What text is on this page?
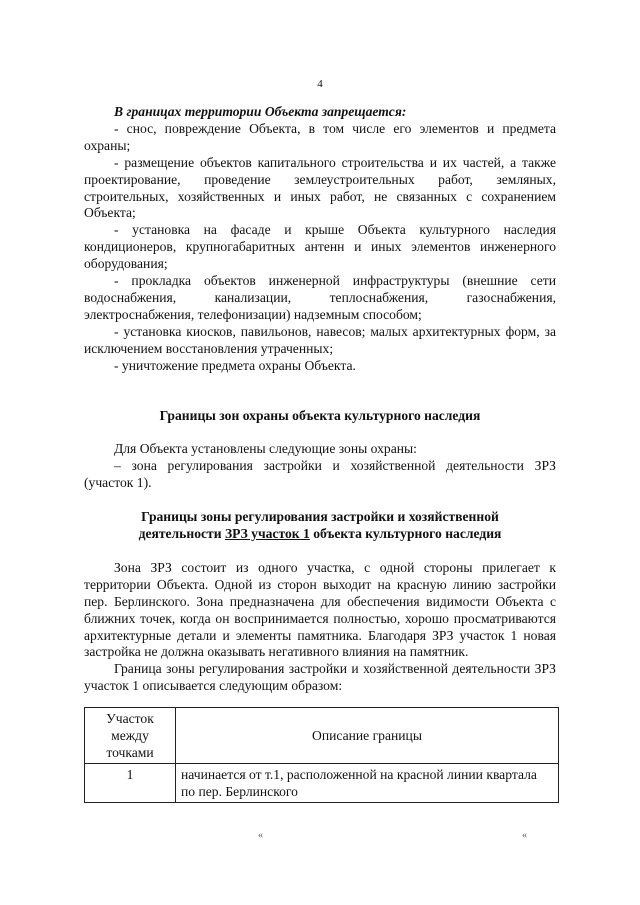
4

В границах территории Объекта запрещается:

- снос, повреждение Объекта, в том числе его элементов и предмета охраны;

- размещение объектов капитального строительства и их частей, а также проектирование, проведение землеустроительных работ, земляных, строительных, хозяйственных и иных работ, не связанных с сохранением Объекта;

- установка на фасаде и крыше Объекта культурного наследия кондиционеров, крупногабаритных антенн и иных элементов инженерного оборудования;

- прокладка объектов инженерной инфраструктуры (внешние сети водоснабжения, канализации, теплоснабжения, газоснабжения, электроснабжения, телефонизации) надземным способом;

- установка киосков, павильонов, навесов; малых архитектурных форм, за исключением восстановления утраченных;

- уничтожение предмета охраны Объекта.

Границы зон охраны объекта культурного наследия

Для Объекта установлены следующие зоны охраны:

– зона регулирования застройки и хозяйственной деятельности ЗРЗ (участок 1).

Границы зоны регулирования застройки и хозяйственной
деятельности ЗРЗ участок 1 объекта культурного наследия

Зона ЗРЗ состоит из одного участка, с одной стороны прилегает к территории Объекта. Одной из сторон выходит на красную линию застройки пер. Берлинского. Зона предназначена для обеспечения видимости Объекта с ближних точек, когда он воспринимается полностью, хорошо просматриваются архитектурные детали и элементы памятника. Благодаря ЗРЗ участок 1 новая застройка не должна оказывать негативного влияния на памятник.

Граница зоны регулирования застройки и хозяйственной деятельности ЗРЗ участок 1 описывается следующим образом:

Участок между точками	Описание границы
1	начинается от т.1, расположенной на красной линии квартала по пер. Берлинского
«	«
